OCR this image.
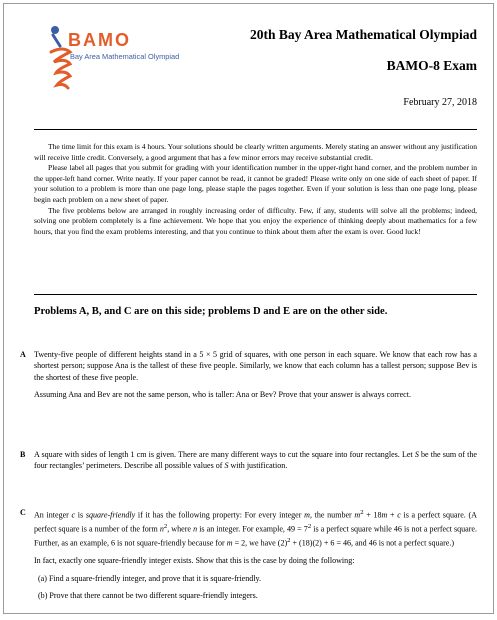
BAMO
Bay Area Mathematical Olympiad
20th Bay Area Mathematical Olympiad
BAMO-8 Exam
February 27, 2018

The time limit for this exam is 4 hours. Your solutions should be clearly written arguments. Merely stating an answer without any justification will receive little credit. Conversely, a good argument that has a few minor errors may receive substantial credit.

Please label all pages that you submit for grading with your identification number in the upper-right hand corner, and the problem number in the upper-left hand corner. Write neatly. If your paper cannot be read, it cannot be graded! Please write only on one side of each sheet of paper. If your solution to a problem is more than one page long, please staple the pages together. Even if your solution is less than one page long, please begin each problem on a new sheet of paper.

The five problems below are arranged in roughly increasing order of difficulty. Few, if any, students will solve all the problems; indeed, solving one problem completely is a fine achievement. We hope that you enjoy the experience of thinking deeply about mathematics for a few hours, that you find the exam problems interesting, and that you continue to think about them after the exam is over. Good luck!

Problems A, B, and C are on this side; problems D and E are on the other side.
A Twenty-five people of different heights stand in a 5 × 5 grid of squares, with one person in each square. We know that each row has a shortest person; suppose Ana is the tallest of these five people. Similarly, we know that each column has a tallest person; suppose Bev is the shortest of these five people.

Assuming Ana and Bev are not the same person, who is taller: Ana or Bev? Prove that your answer is always correct.

B A square with sides of length 1 cm is given. There are many different ways to cut the square into four rectangles. Let S be the sum of the four rectangles’ perimeters. Describe all possible values of S with justification.

C An integer c is square-friendly if it has the following property: For every integer m, the number $m^2 + 18m + c$ is a perfect square. (A perfect square is a number of the form $n^2$, where n is an integer. For example, $49 = 7^2$ is a perfect square while 46 is not a perfect square. Further, as an example, 6 is not square-friendly because for m = 2, we have $(2)^2 + (18)(2) + 6 = 46$, and 46 is not a perfect square.)

In fact, exactly one square-friendly integer exists. Show that this is the case by doing the following:

(a) Find a square-friendly integer, and prove that it is square-friendly.

(b) Prove that there cannot be two different square-friendly integers.
